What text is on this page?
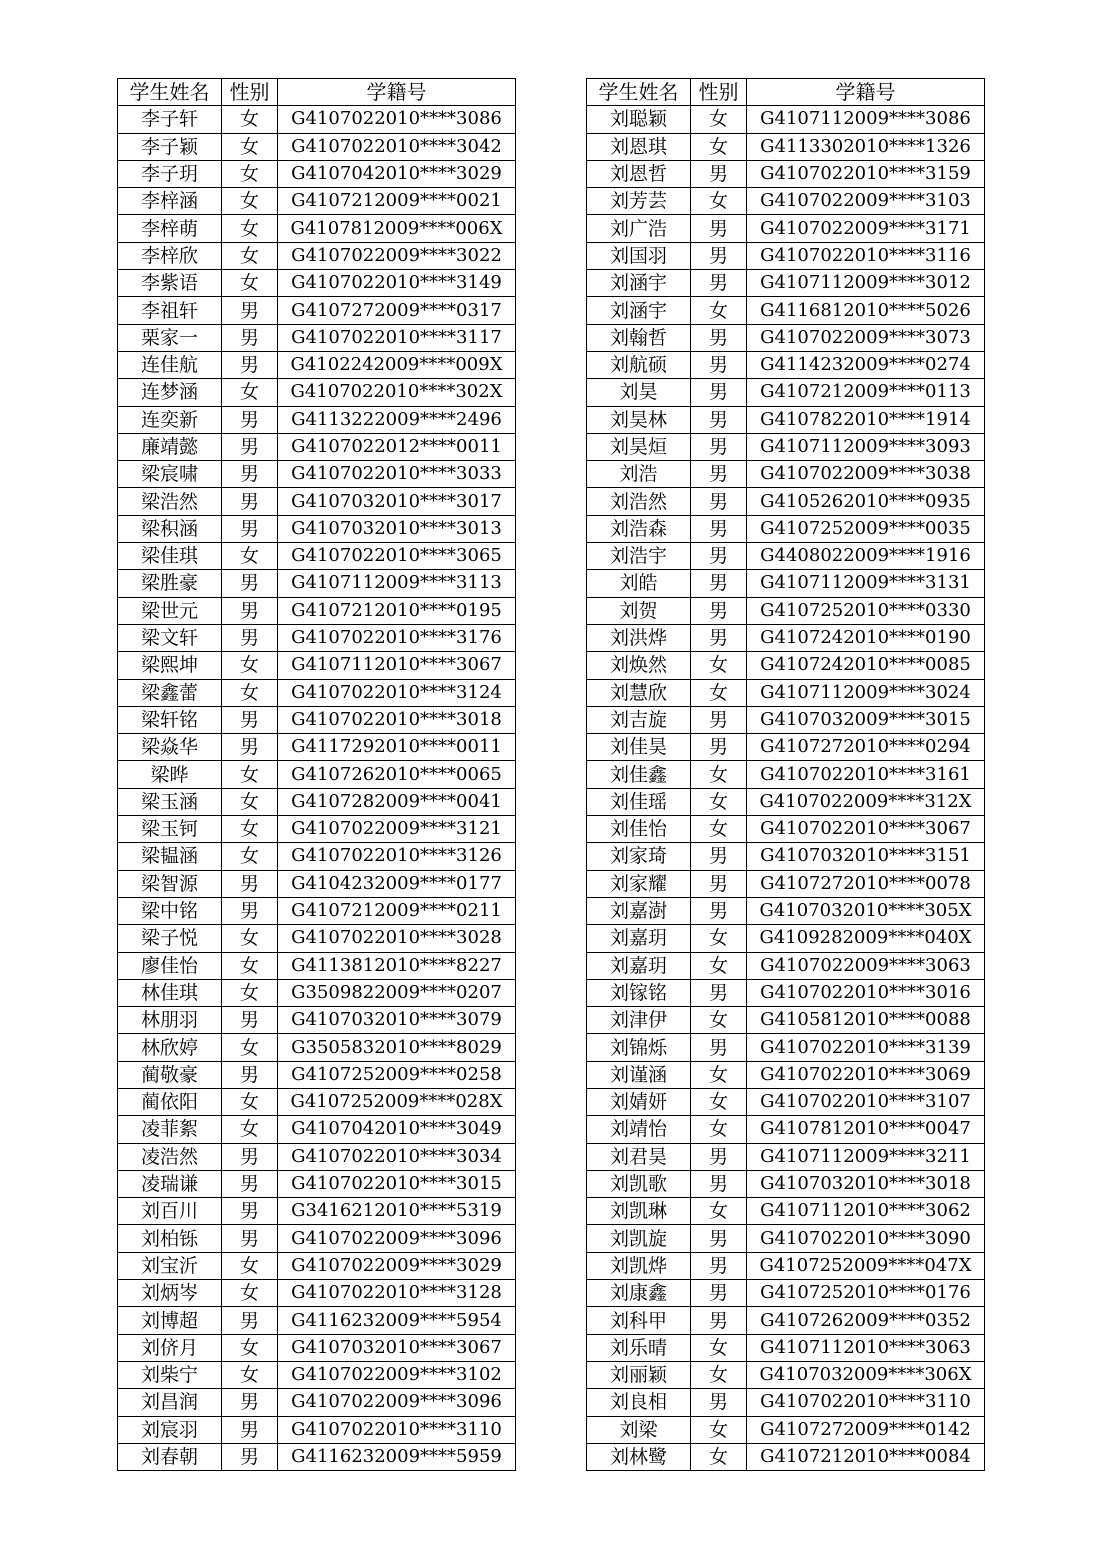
学生姓名	性别	学籍号
李子轩	女	G4107022010****3086
李子颖	女	G4107022010****3042
李子玥	女	G4107042010****3029
李梓涵	女	G4107212009****0021
李梓萌	女	G4107812009****006X
李梓欣	女	G4107022009****3022
李紫语	女	G4107022010****3149
李祖轩	男	G4107272009****0317
栗家一	男	G4107022010****3117
连佳航	男	G4102242009****009X
连梦涵	女	G4107022010****302X
连奕新	男	G4113222009****2496
廉靖懿	男	G4107022012****0011
梁宸啸	男	G4107022010****3033
梁浩然	男	G4107032010****3017
梁积涵	男	G4107032010****3013
梁佳琪	女	G4107022010****3065
梁胜豪	男	G4107112009****3113
梁世元	男	G4107212010****0195
梁文轩	男	G4107022010****3176
梁熙坤	女	G4107112010****3067
梁鑫蕾	女	G4107022010****3124
梁轩铭	男	G4107022010****3018
梁焱华	男	G4117292010****0011
梁晔	女	G4107262010****0065
梁玉涵	女	G4107282009****0041
梁玉钶	女	G4107022009****3121
梁韫涵	女	G4107022010****3126
梁智源	男	G4104232009****0177
梁中铭	男	G4107212009****0211
梁子悦	女	G4107022010****3028
廖佳怡	女	G4113812010****8227
林佳琪	女	G3509822009****0207
林朋羽	男	G4107032010****3079
林欣婷	女	G3505832010****8029
蔺敬豪	男	G4107252009****0258
蔺依阳	女	G4107252009****028X
凌菲絮	女	G4107042010****3049
凌浩然	男	G4107022010****3034
凌瑞谦	男	G4107022010****3015
刘百川	男	G3416212010****5319
刘柏铄	男	G4107022009****3096
刘宝沂	女	G4107022009****3029
刘炳岑	女	G4107022010****3128
刘博超	男	G4116232009****5954
刘侪月	女	G4107032010****3067
刘柴宁	女	G4107022009****3102
刘昌润	男	G4107022009****3096
刘宸羽	男	G4107022010****3110
刘春朝	男	G4116232009****5959
学生姓名	性别	学籍号
刘聪颖	女	G4107112009****3086
刘恩琪	女	G4113302010****1326
刘恩哲	男	G4107022010****3159
刘芳芸	女	G4107022009****3103
刘广浩	男	G4107022009****3171
刘国羽	男	G4107022010****3116
刘涵宇	男	G4107112009****3012
刘涵宇	女	G4116812010****5026
刘翰哲	男	G4107022009****3073
刘航硕	男	G4114232009****0274
刘昊	男	G4107212009****0113
刘昊林	男	G4107822010****1914
刘昊烜	男	G4107112009****3093
刘浩	男	G4107022009****3038
刘浩然	男	G4105262010****0935
刘浩森	男	G4107252009****0035
刘浩宇	男	G4408022009****1916
刘皓	男	G4107112009****3131
刘贺	男	G4107252010****0330
刘洪烨	男	G4107242010****0190
刘焕然	女	G4107242010****0085
刘慧欣	女	G4107112009****3024
刘吉旋	男	G4107032009****3015
刘佳昊	男	G4107272010****0294
刘佳鑫	女	G4107022010****3161
刘佳瑶	女	G4107022009****312X
刘佳怡	女	G4107022010****3067
刘家琦	男	G4107032010****3151
刘家耀	男	G4107272010****0078
刘嘉澍	男	G4107032010****305X
刘嘉玥	女	G4109282009****040X
刘嘉玥	女	G4107022009****3063
刘镓铭	男	G4107022010****3016
刘津伊	女	G4105812010****0088
刘锦烁	男	G4107022010****3139
刘谨涵	女	G4107022010****3069
刘婧妍	女	G4107022010****3107
刘靖怡	女	G4107812010****0047
刘君昊	男	G4107112009****3211
刘凯歌	男	G4107032010****3018
刘凯琳	女	G4107112010****3062
刘凯旋	男	G4107022010****3090
刘凯烨	男	G4107252009****047X
刘康鑫	男	G4107252010****0176
刘科甲	男	G4107262009****0352
刘乐晴	女	G4107112010****3063
刘丽颖	女	G4107032009****306X
刘良相	男	G4107022010****3110
刘梁	女	G4107272009****0142
刘林鹭	女	G4107212010****0084
